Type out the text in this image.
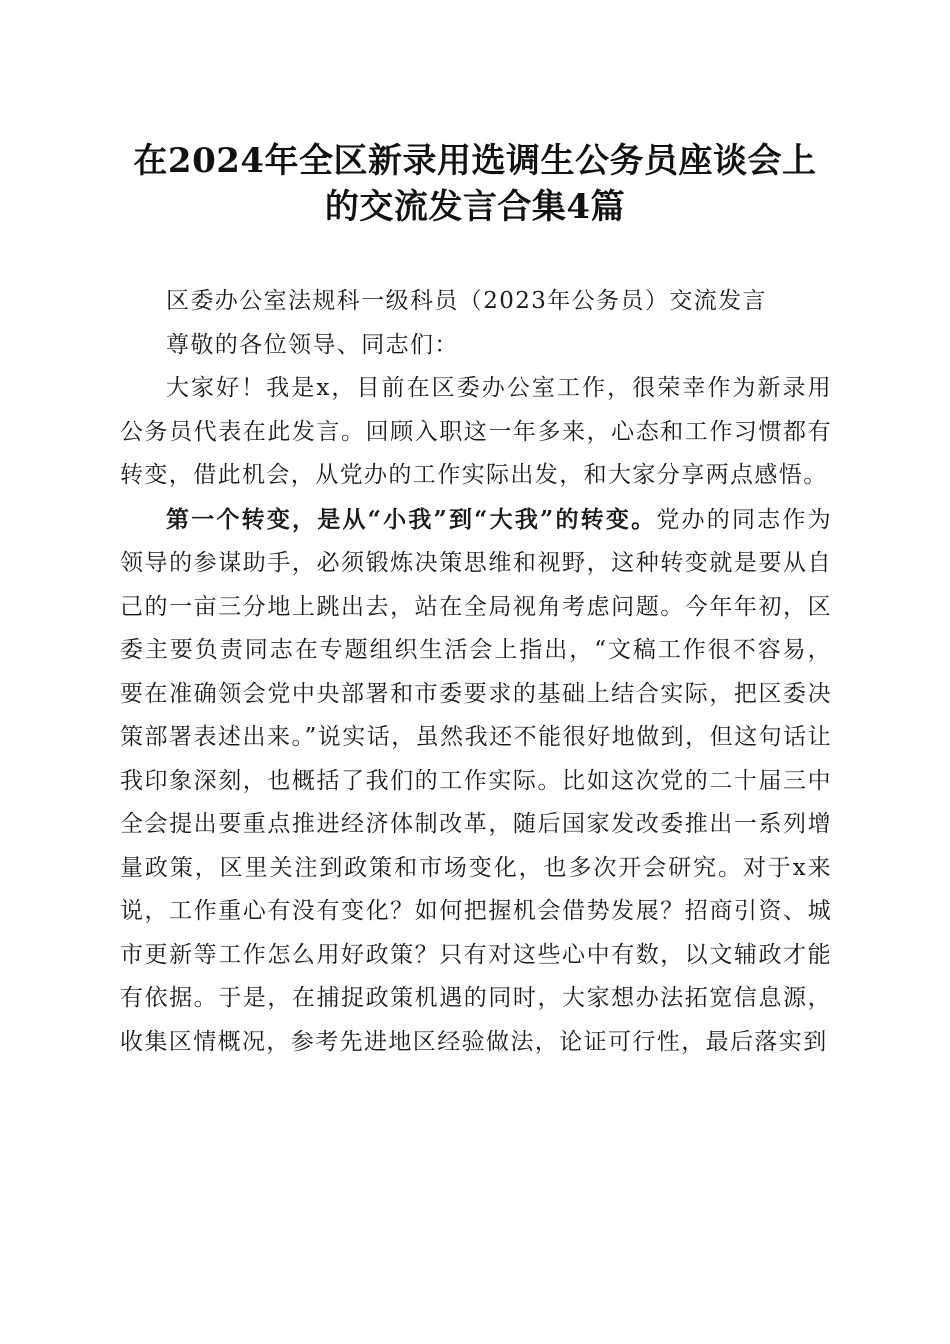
在2024年全区新录用选调生公务员座谈会上
的交流发言合集4篇

区委办公室法规科一级科员（2023年公务员）交流发言

尊敬的各位领导、同志们：

大家好！我是x，目前在区委办公室工作，很荣幸作为新录用公务员代表在此发言。回顾入职这一年多来，心态和工作习惯都有转变，借此机会，从党办的工作实际出发，和大家分享两点感悟。

第一个转变，是从“小我”到“大我”的转变。党办的同志作为领导的参谋助手，必须锻炼决策思维和视野，这种转变就是要从自己的一亩三分地上跳出去，站在全局视角考虑问题。今年年初，区委主要负责同志在专题组织生活会上指出，“文稿工作很不容易，要在准确领会党中央部署和市委要求的基础上结合实际，把区委决策部署表述出来。”说实话，虽然我还不能很好地做到，但这句话让我印象深刻，也概括了我们的工作实际。比如这次党的二十届三中全会提出要重点推进经济体制改革，随后国家发改委推出一系列增量政策，区里关注到政策和市场变化，也多次开会研究。对于x来说，工作重心有没有变化？如何把握机会借势发展？招商引资、城市更新等工作怎么用好政策？只有对这些心中有数，以文辅政才能有依据。于是，在捕捉政策机遇的同时，大家想办法拓宽信息源，收集区情概况，参考先进地区经验做法，论证可行性，最后落实到
